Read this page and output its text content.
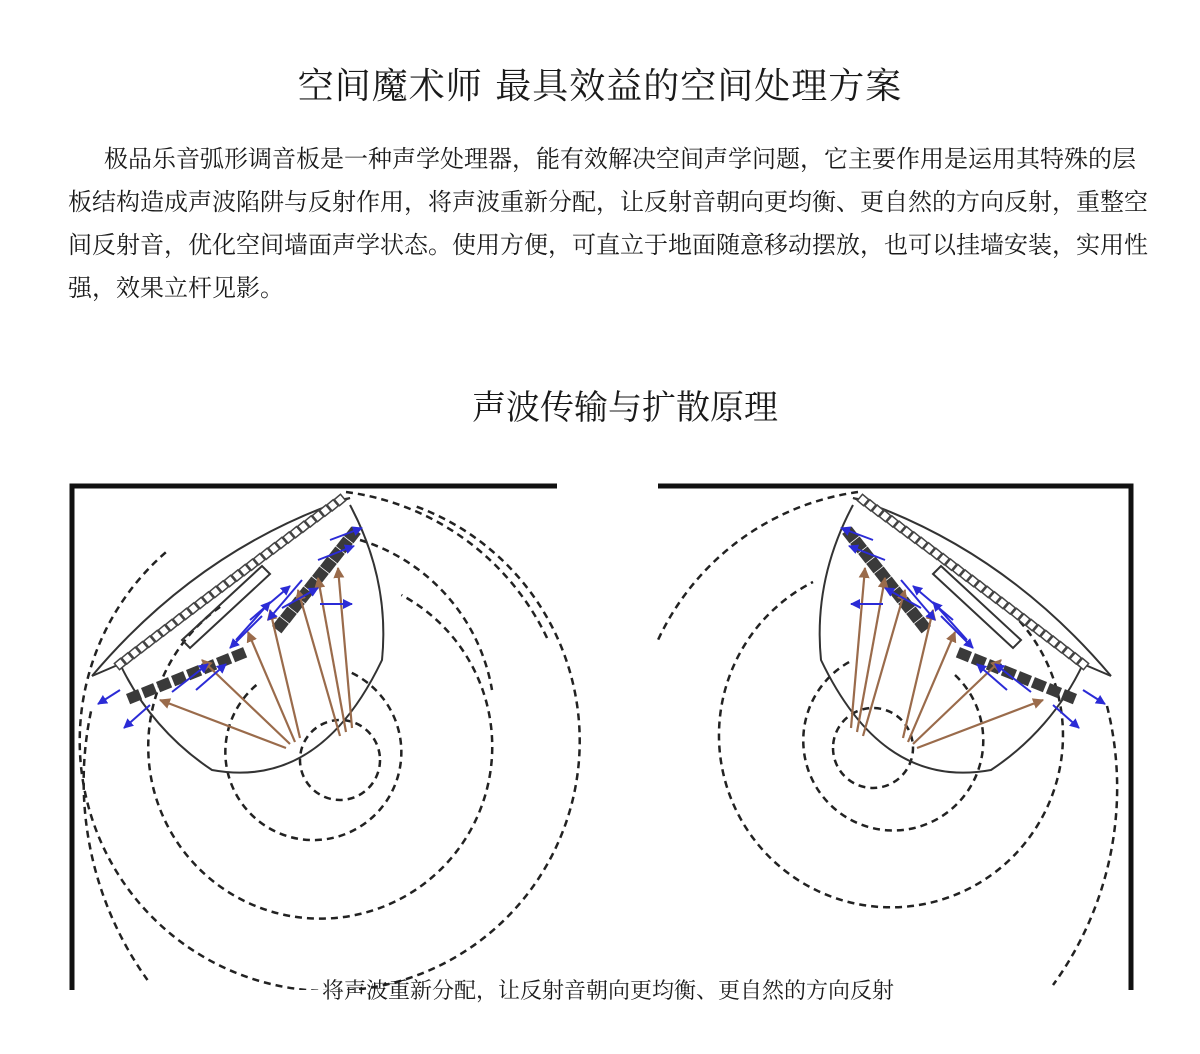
空间魔术师 最具效益的空间处理方案

极品乐音弧形调音板是一种声学处理器，能有效解决空间声学问题，它主要作用是运用其特殊的层板结构造成声波陷阱与反射作用，将声波重新分配，让反射音朝向更均衡、更自然的方向反射，重整空间反射音，优化空间墙面声学状态。使用方便，可直立于地面随意移动摆放，也可以挂墙安装，实用性强，效果立杆见影。

声波传输与扩散原理

将声波重新分配，让反射音朝向更均衡、更自然的方向反射
